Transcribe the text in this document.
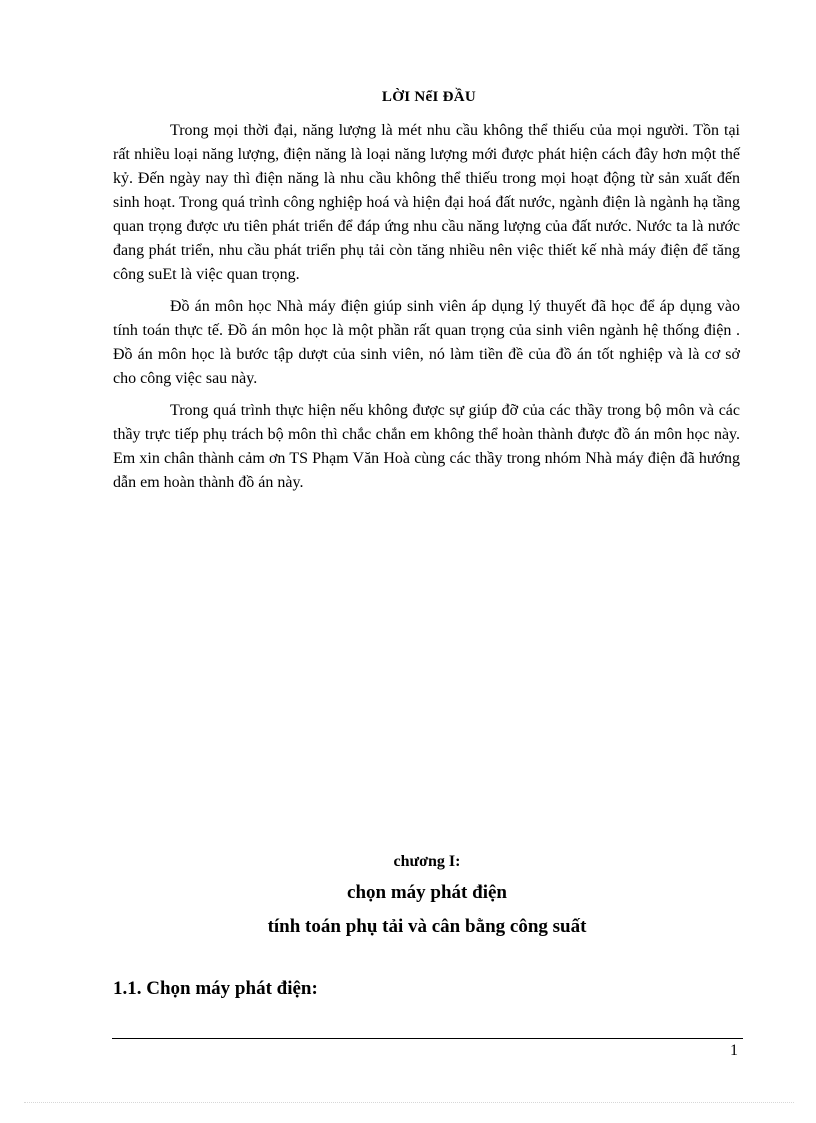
LỜI NểI ĐẦU

Trong mọi thời đại, năng lượng là mét nhu cầu không thể thiếu của mọi người. Tồn tại rất nhiều loại năng lượng, điện năng là loại năng lượng mới được phát hiện cách đây hơn một thế kỷ. Đến ngày nay thì điện năng là nhu cầu không thể thiếu trong mọi hoạt động từ sản xuất đến sinh hoạt. Trong quá trình công nghiệp hoá và hiện đại hoá đất nước, ngành điện là ngành hạ tầng quan trọng được ưu tiên phát triển để đáp ứng nhu cầu năng lượng của đất nước. Nước ta là nước đang phát triển, nhu cầu phát triển phụ tải còn tăng nhiều nên việc thiết kế nhà máy điện để tăng công suEt là việc quan trọng.

Đồ án môn học Nhà máy điện giúp sinh viên áp dụng lý thuyết đã học để áp dụng vào tính toán thực tế. Đồ án môn học là một phần rất quan trọng của sinh viên ngành hệ thống điện . Đồ án môn học là bước tập dượt của sinh viên, nó làm tiền đề của đồ án tốt nghiệp và là cơ sở cho công việc sau này.

Trong quá trình thực hiện nếu không được sự giúp đỡ của các thầy trong bộ môn và các thầy trực tiếp phụ trách bộ môn thì chắc chắn em không thể hoàn thành được đồ án môn học này. Em xin chân thành cảm ơn TS Phạm Văn Hoà cùng các thầy trong nhóm Nhà máy điện đã hướng dẫn em hoàn thành đồ án này.

chương I:
chọn máy phát điện
tính toán phụ tải và cân bằng công suất
1.1. Chọn máy phát điện:
1
